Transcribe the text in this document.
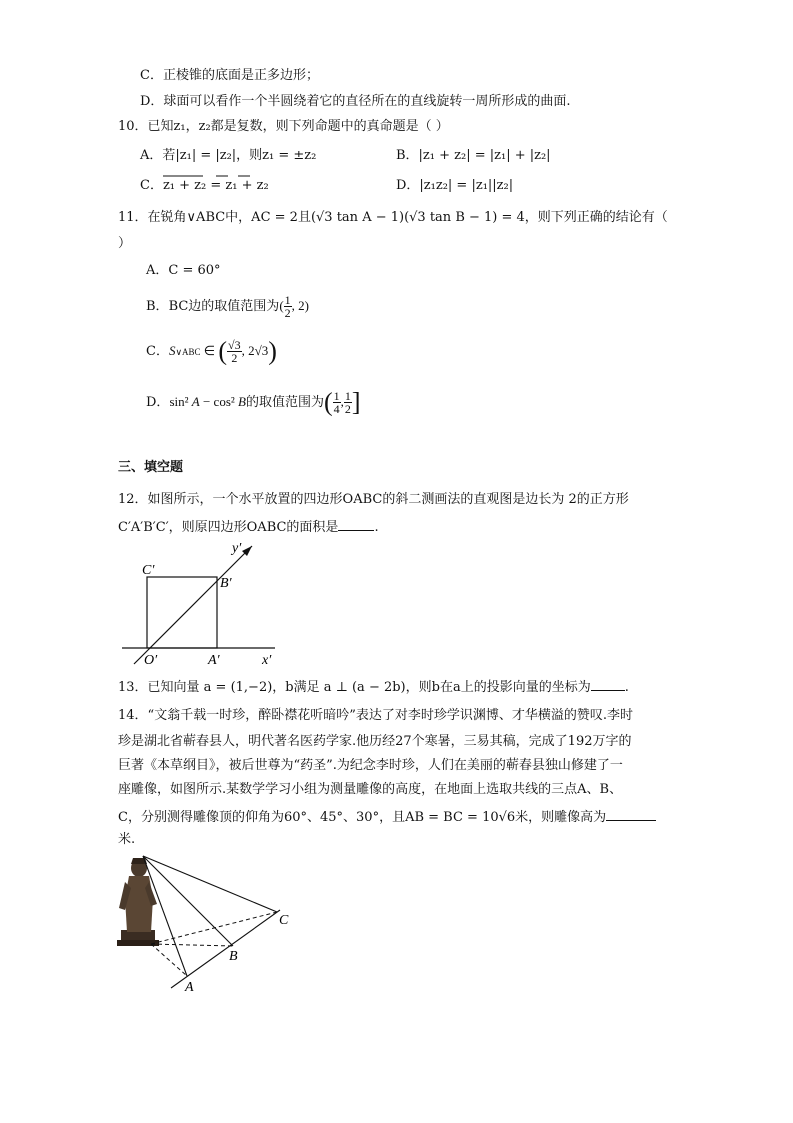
C．正棱锥的底面是正多边形；
D．球面可以看作一个半圆绕着它的直径所在的直线旋转一周所形成的曲面.
10．已知z₁，z₂都是复数，则下列命题中的真命题是（ ）
A．若|z₁| = |z₂|，则z₁ = ±z₂	B．|z₁ + z₂| = |z₁| + |z₂|
C．z₁ + z₂ = z₁ + z₂	D．|z₁z₂| = |z₁||z₂|
11．在锐角∨ABC中，AC = 2且(√3 tan A − 1)(√3 tan B − 1) = 4，则下列正确的结论有（
）
A．C = 60°
B．BC边的取值范围为( $\frac{1}{2}$ , 2)
C．S∨ABC ∈ ( $\frac{√3}{2}$ , 2√3)
D．sin² A − cos² B的取值范围为( $\frac{1}{4}$ , $\frac{1}{2}$ ]
三、填空题
12．如图所示，一个水平放置的四边形OABC的斜二测画法的直观图是边长为 2的正方形
C′A′B′C′，则原四边形OABC的面积是	.
C′
B′
O′	A′	x′
y′
13．已知向量 a = (1,−2)，b满足 a ⊥ (a − 2b)，则b在a上的投影向量的坐标为	.
14．“文翁千载一时珍，醉卧襟花听暗吟”表达了对李时珍学识渊博、才华横溢的赞叹.李时
珍是湖北省蕲春县人，明代著名医药学家.他历经27个寒暑，三易其稿，完成了192万字的
巨著《本草纲目》，被后世尊为“药圣”.为纪念李时珍，人们在美丽的蕲春县独山修建了一
座雕像，如图所示.某数学学习小组为测量雕像的高度，在地面上选取共线的三点A、B、
C，分别测得雕像顶的仰角为60°、45°、30°，且AB = BC = 10√6米，则雕像高为
米.
A
B
C
